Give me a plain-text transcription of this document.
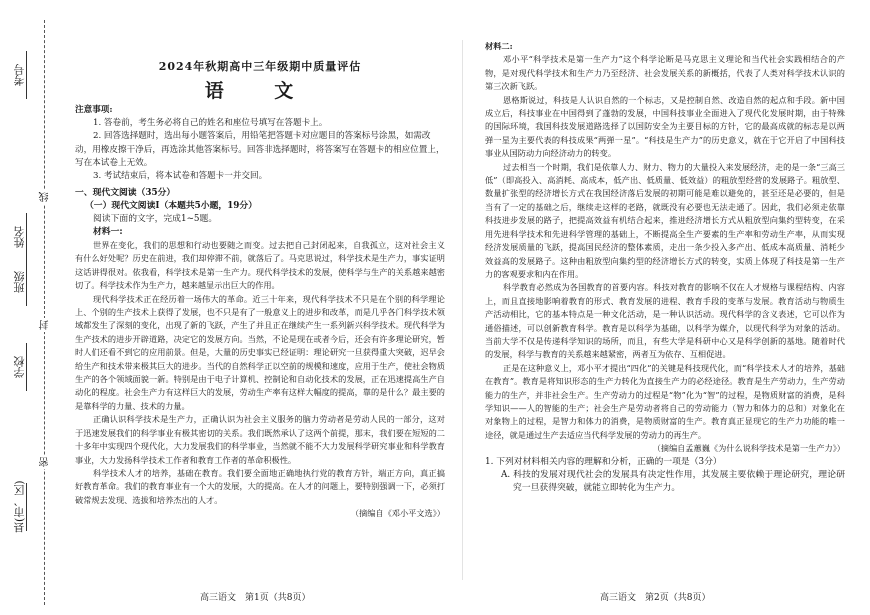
考号
姓名
班级
学校
县(市、区)
线
封
密
2024年秋期高中三年级期中质量评估
语 文
注意事项:

1. 答卷前，考生务必将自己的姓名和座位号填写在答题卡上。

2. 回答选择题时，选出每小题答案后，用铅笔把答题卡对应题目的答案标号涂黑，如需改动，用橡皮擦干净后，再选涂其他答案标号。回答非选择题时，将答案写在答题卡的相应位置上，写在本试卷上无效。

3. 考试结束后，将本试卷和答题卡一并交回。

一、现代文阅读（35分）
（一）现代文阅读Ⅰ（本题共5小题，19分）

阅读下面的文字，完成1~5题。

材料一:

世界在变化，我们的思想和行动也要随之而变。过去把自己封闭起来，自我孤立，这对社会主义有什么好处呢？历史在前进，我们却停滞不前，就落后了。马克思说过，科学技术是生产力，事实证明这话讲得很对。依我看，科学技术是第一生产力。现代科学技术的发展，使科学与生产的关系越来越密切了。科学技术作为生产力，越来越显示出巨大的作用。

现代科学技术正在经历着一场伟大的革命。近三十年来，现代科学技术不只是在个别的科学理论上、个别的生产技术上获得了发展，也不只是有了一般意义上的进步和改革，而是几乎各门科学技术领域都发生了深刻的变化，出现了新的飞跃，产生了并且正在继续产生一系列新兴科学技术。现代科学为生产技术的进步开辟道路，决定它的发展方向。当然，不论是现在或者今后，还会有许多理论研究，暂时人们还看不到它的应用前景。但是，大量的历史事实已经证明：理论研究一旦获得重大突破，迟早会给生产和技术带来极其巨大的进步。当代的自然科学正以空前的规模和速度，应用于生产，使社会物质生产的各个领域面貌一新。特别是由于电子计算机、控制论和自动化技术的发展，正在迅速提高生产自动化的程度。社会生产力有这样巨大的发展，劳动生产率有这样大幅度的提高，靠的是什么？最主要的是靠科学的力量、技术的力量。

正确认识科学技术是生产力，正确认识为社会主义服务的脑力劳动者是劳动人民的一部分，这对于迅速发展我们的科学事业有极其密切的关系。我们既然承认了这两个前提，那末，我们要在短短的二十多年中实现四个现代化，大力发展我们的科学事业，当然就不能不大力发展科学研究事业和科学教育事业，大力发扬科学技术工作者和教育工作者的革命积极性。

科学技术人才的培养，基础在教育。我们要全面地正确地执行党的教育方针，端正方向，真正搞好教育革命。我们的教育事业有一个大的发展，大的提高。在人才的问题上，要特别强调一下，必须打破常规去发现、选拔和培养杰出的人才。

（摘编自《邓小平文选》）

材料二:

邓小平“科学技术是第一生产力”这个科学论断是马克思主义理论和当代社会实践相结合的产物，是对现代科学技术和生产力乃至经济、社会发展关系的新概括，代表了人类对科学技术认识的第三次新飞跃。

恩格斯说过，科技是人认识自然的一个标志，又是控制自然、改造自然的起点和手段。新中国成立后，科技事业在中国得到了蓬勃的发展，中国科技事业全面进入了现代化发展时期，由于特殊的国际环境，我国科技发展道路选择了以国防安全为主要目标的方针，它的最高成就的标志是以两弹一星为主要代表的科技成果“两弹一星”。“科技是生产力”的历史意义，就在于它开启了中国科技事业从国防动力向经济动力的转变。

过去相当一个时期，我们是依靠人力、财力、物力的大量投入来发展经济，走的是一条“三高三低”（即高投入、高消耗、高成本，低产出、低质量、低效益）的粗放型经营的发展路子。粗放型、数量扩张型的经济增长方式在我国经济落后发展的初期可能是难以避免的，甚至还是必要的，但是当有了一定的基础之后，继续走这样的老路，就既没有必要也无法走通了。因此，我们必须走依靠科技进步发展的路子，把提高效益有机结合起来，推进经济增长方式从粗放型向集约型转变，在采用先进科学技术和先进科学管理的基础上，不断提高全生产要素的生产率和劳动生产率，从而实现经济发展质量的飞跃，提高国民经济的整体素质，走出一条少投入多产出、低成本高质量、消耗少效益高的发展路子。这种由粗放型向集约型的经济增长方式的转变，实质上体现了科技是第一生产力的客观要求和内在作用。

科学教育必然成为各国教育的首要内容。科技对教育的影响不仅在人才规格与课程结构、内容上，而且直接地影响着教育的形式、教育发展的进程、教育手段的变革与发展。教育活动与物质生产活动相比，它的基本特点是一种文化活动，是一种认识活动。现代科学的含义表述，它可以作为通俗描述，可以创新教育科学。教育是以科学为基础，以科学为媒介，以现代科学为对象的活动。当前大学不仅是传递科学知识的场所，而且，有些大学是科研中心又是科学创新的基地。随着时代的发展，科学与教育的关系越来越紧密，两者互为依存、互相促进。

正是在这种意义上，邓小平才提出“四化”的关键是科技现代化，而“科学技术人才的培养，基础在教育”。教育是将知识形态的生产力转化为直接生产力的必经途径。教育是生产劳动力，生产劳动能力的生产，并非社会生产。生产劳动力的过程是“物”化为“智”的过程，是物质财富的消费，是科学知识——人的智能的生产；社会生产是劳动者将自己的劳动能力（智力和体力的总和）对象化在对象物上的过程，是智力和体力的消费，是物质财富的生产。教育真正显现它的生产力功能的唯一途径，就是通过生产去适应当代科学发展的劳动力的再生产。

（摘编自孟蕙巍《为什么说科学技术是第一生产力》）

1. 下列对材料相关内容的理解和分析，正确的一项是（3分）

A. 科技的发展对现代社会的发展具有决定性作用，其发展主要依赖于理论研究，理论研究一旦获得突破，就能立即转化为生产力。

高三语文　第1页（共8页）	高三语文　第2页（共8页）
